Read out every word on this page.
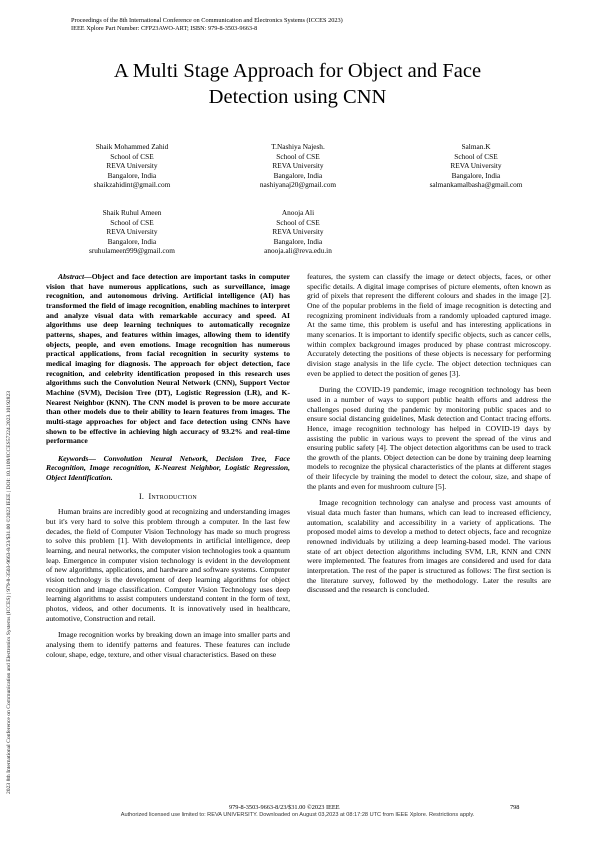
Proceedings of the 8th International Conference on Communication and Electronics Systems (ICCES 2023)
IEEE Xplore Part Number: CFP23AWO-ART; ISBN: 979-8-3503-9663-8
2023 8th International Conference on Communication and Electronics Systems (ICCES) | 979-8-3503-9663-8/23/$31.00 ©2023 IEEE | DOI: 10.1109/ICCES57224.2023.10192823
A Multi Stage Approach for Object and Face
Detection using CNN
Shaik Mohammed Zahid
School of CSE
REVA University
Bangalore, India
shaikzahidint@gmail.com
T.Nashiya Najesh.
School of CSE
REVA University
Bangalore, India
nashiyanaj20@gmail.com
Salman.K
School of CSE
REVA University
Bangalore, India
salmankamalbasha@gmail.com
Shaik Ruhul Ameen
School of CSE
REVA University
Bangalore, India
sruhulameen999@gmail.com
Anooja Ali
School of CSE
REVA University
Bangalore, India
anooja.ali@reva.edu.in
Abstract—Object and face detection are important tasks in computer vision that have numerous applications, such as surveillance, image recognition, and autonomous driving. Artificial intelligence (AI) has transformed the field of image recognition, enabling machines to interpret and analyze visual data with remarkable accuracy and speed. AI algorithms use deep learning techniques to automatically recognize patterns, shapes, and features within images, allowing them to identify objects, people, and even emotions. Image recognition has numerous practical applications, from facial recognition in security systems to medical imaging for diagnosis. The approach for object detection, face recognition, and celebrity identification proposed in this research uses algorithms such the Convolution Neural Network (CNN), Support Vector Machine (SVM), Decision Tree (DT), Logistic Regression (LR), and K-Nearest Neighbor (KNN). The CNN model is proven to be more accurate than other models due to their ability to learn features from images. The multi-stage approaches for object and face detection using CNNs have shown to be effective in achieving high accuracy of 93.2% and real-time performance
Keywords— Convolution Neural Network, Decision Tree, Face Recognition, Image recognition, K-Nearest Neighbor, Logistic Regression, Object Identification.
I. Introduction

Human brains are incredibly good at recognizing and understanding images but it's very hard to solve this problem through a computer. In the last few decades, the field of Computer Vision Technology has made so much progress to solve this problem [1]. With developments in artificial intelligence, deep learning, and neural networks, the computer vision technologies took a quantum leap. Emergence in computer vision technology is evident in the development of new algorithms, applications, and hardware and software systems. Computer vision technology is the development of deep learning algorithms for object recognition and image classification. Computer Vision Technology uses deep learning algorithms to assist computers understand content in the form of text, photos, videos, and other documents. It is innovatively used in healthcare, automotive, Construction and retail.

Image recognition works by breaking down an image into smaller parts and analysing them to identify patterns and features. These features can include colour, shape, edge, texture, and other visual characteristics. Based on these

features, the system can classify the image or detect objects, faces, or other specific details. A digital image comprises of picture elements, often known as grid of pixels that represent the different colours and shades in the image [2]. One of the popular problems in the field of image recognition is detecting and recognizing prominent individuals from a randomly uploaded captured image. At the same time, this problem is useful and has interesting applications in many scenarios. It is important to identify specific objects, such as cancer cells, within complex background images produced by phase contrast microscopy. Accurately detecting the positions of these objects is necessary for performing division stage analysis in the life cycle. The object detection techniques can even be applied to detect the position of genes [3].

During the COVID-19 pandemic, image recognition technology has been used in a number of ways to support public health efforts and address the challenges posed during the pandemic by monitoring public spaces and to ensure social distancing guidelines, Mask detection and Contact tracing efforts. Hence, image recognition technology has helped in COVID-19 days by assisting the public in various ways to prevent the spread of the virus and ensuring public safety [4]. The object detection algorithms can be used to track the growth of the plants. Object detection can be done by training deep learning models to recognize the physical characteristics of the plants at different stages of their lifecycle by training the model to detect the colour, size, and shape of the plants and even for mushroom culture [5].

Image recognition technology can analyse and process vast amounts of visual data much faster than humans, which can lead to increased efficiency, automation, scalability and accessibility in a variety of applications. The proposed model aims to develop a method to detect objects, face and recognize renowned individuals by utilizing a deep learning-based model. The various state of art object detection algorithms including SVM, LR, KNN and CNN were implemented. The features from images are considered and used for data interpretation. The rest of the paper is structured as follows: The first section is the literature survey, followed by the methodology. Later the results are discussed and the research is concluded.

979-8-3503-9663-8/23/$31.00 ©2023 IEEE	798
Authorized licensed use limited to: REVA UNIVERSITY. Downloaded on August 03,2023 at 08:17:28 UTC from IEEE Xplore. Restrictions apply.
